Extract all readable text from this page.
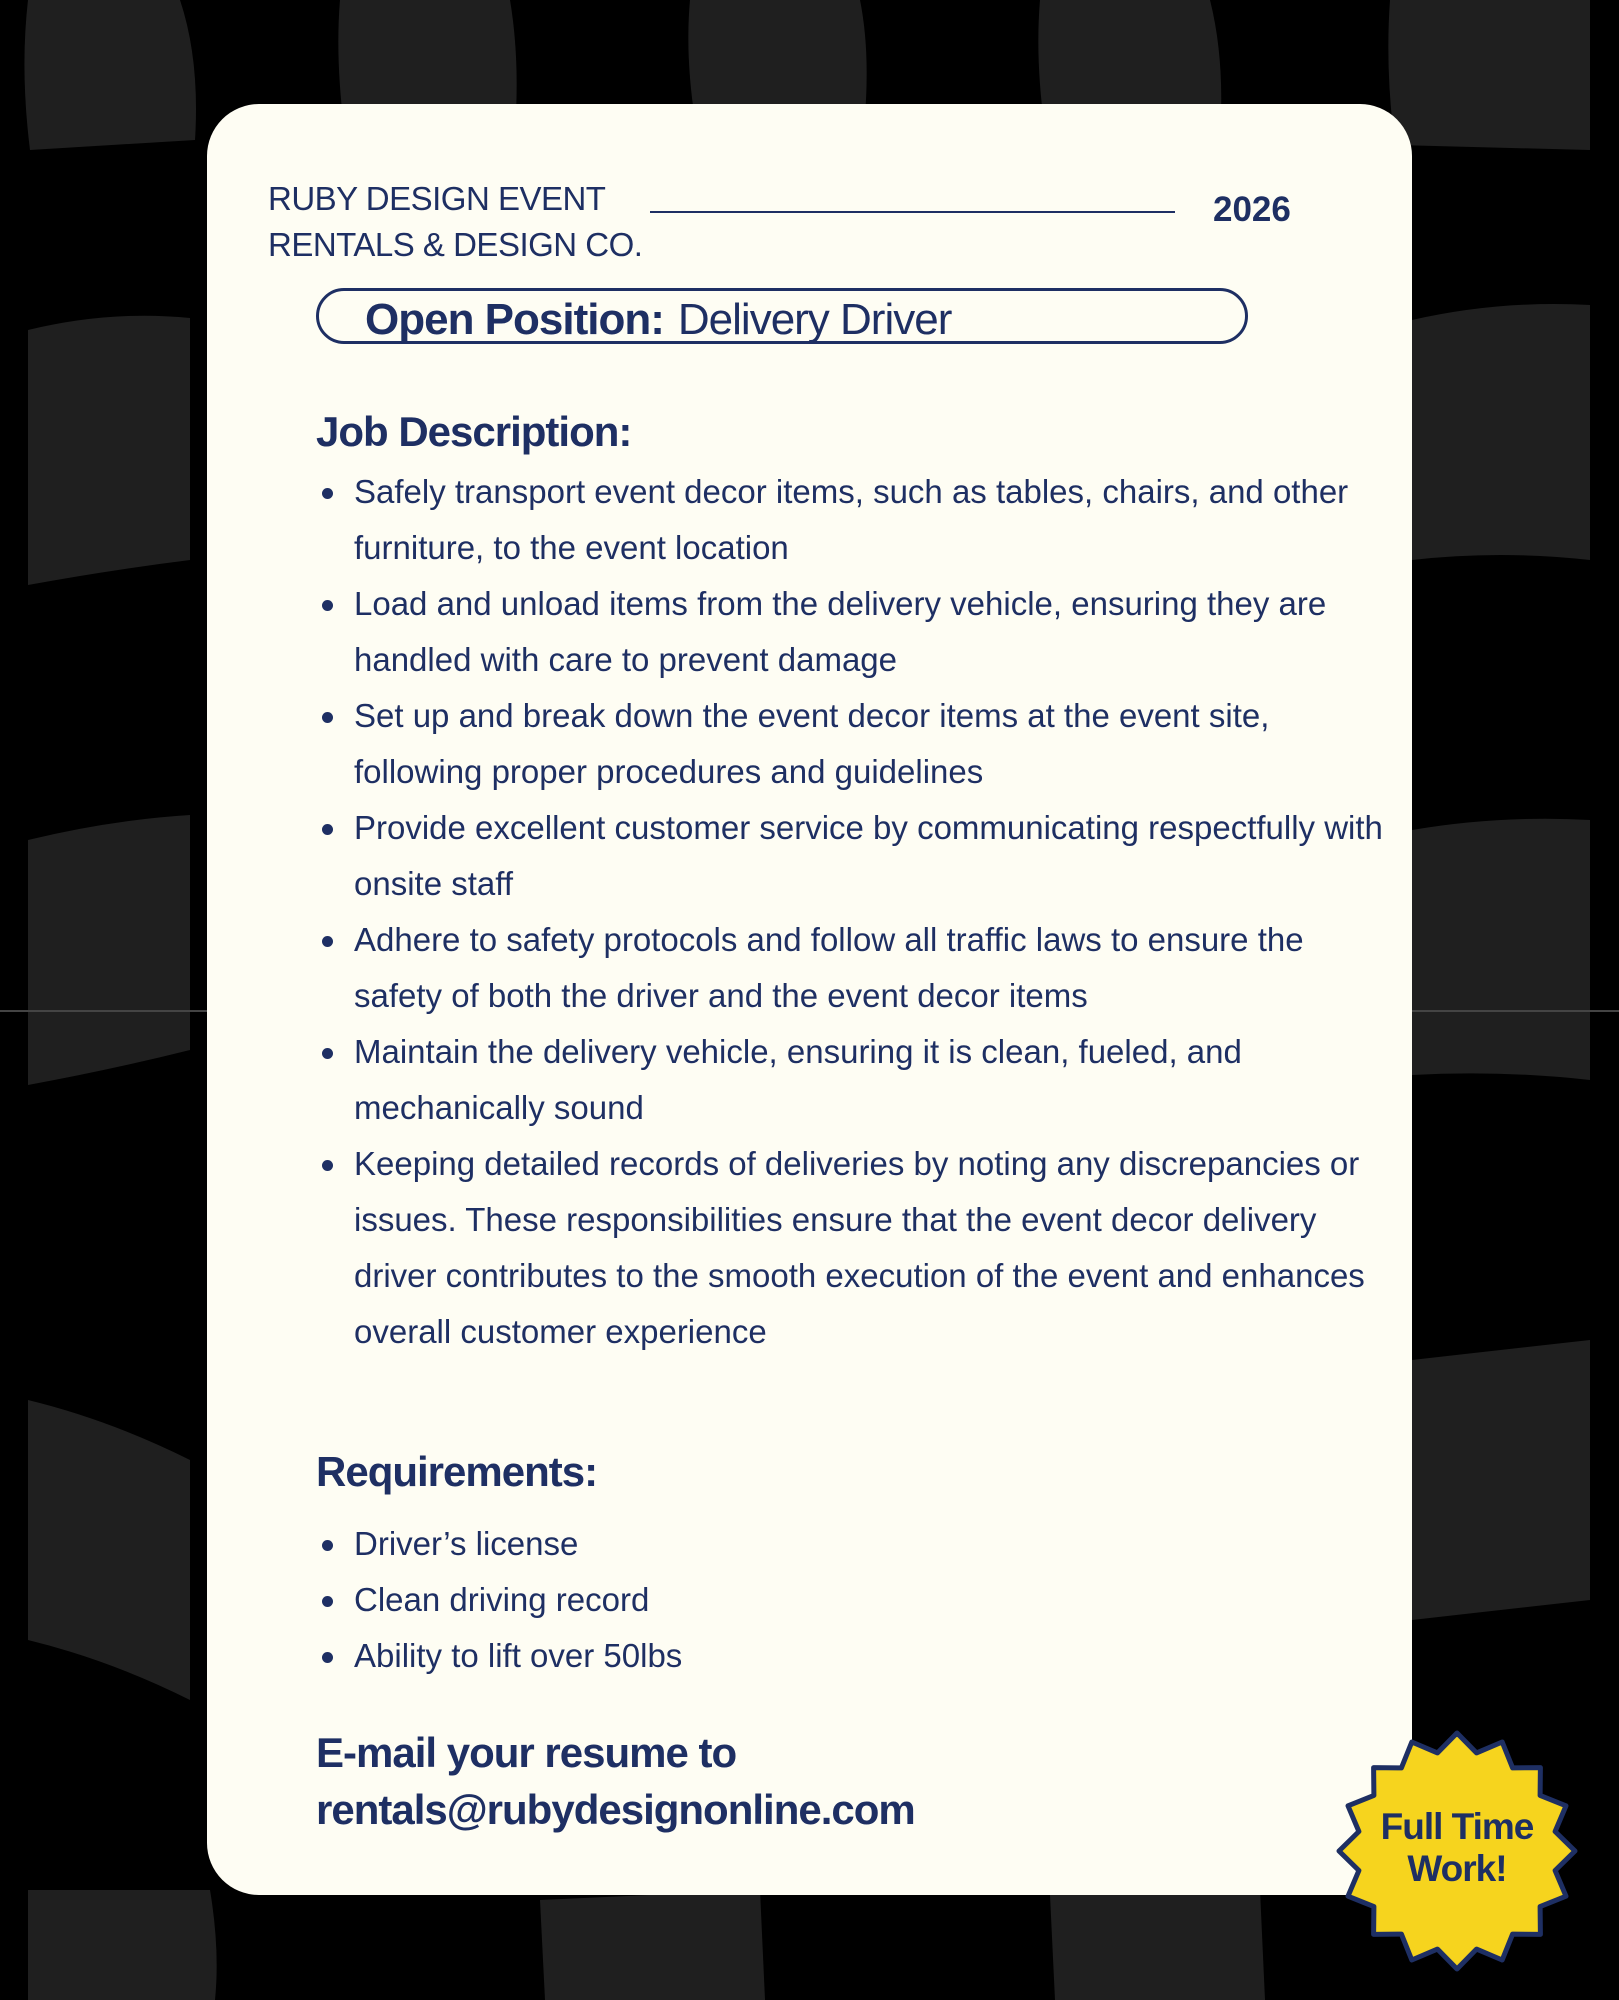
RUBY DESIGN EVENT
RENTALS & DESIGN CO.
2026
Open Position: Delivery Driver
Job Description:
Safely transport event decor items, such as tables, chairs, and other furniture, to the event location
Load and unload items from the delivery vehicle, ensuring they are handled with care to prevent damage
Set up and break down the event decor items at the event site, following proper procedures and guidelines
Provide excellent customer service by communicating respectfully with onsite staff
Adhere to safety protocols and follow all traffic laws to ensure the safety of both the driver and the event decor items
Maintain the delivery vehicle, ensuring it is clean, fueled, and mechanically sound
Keeping detailed records of deliveries by noting any discrepancies or issues. These responsibilities ensure that the event decor delivery driver contributes to the smooth execution of the event and enhances overall customer experience
Requirements:
Driver’s license
Clean driving record
Ability to lift over 50lbs
E-mail your resume to
rentals@rubydesignonline.com	Full Time
Work!
